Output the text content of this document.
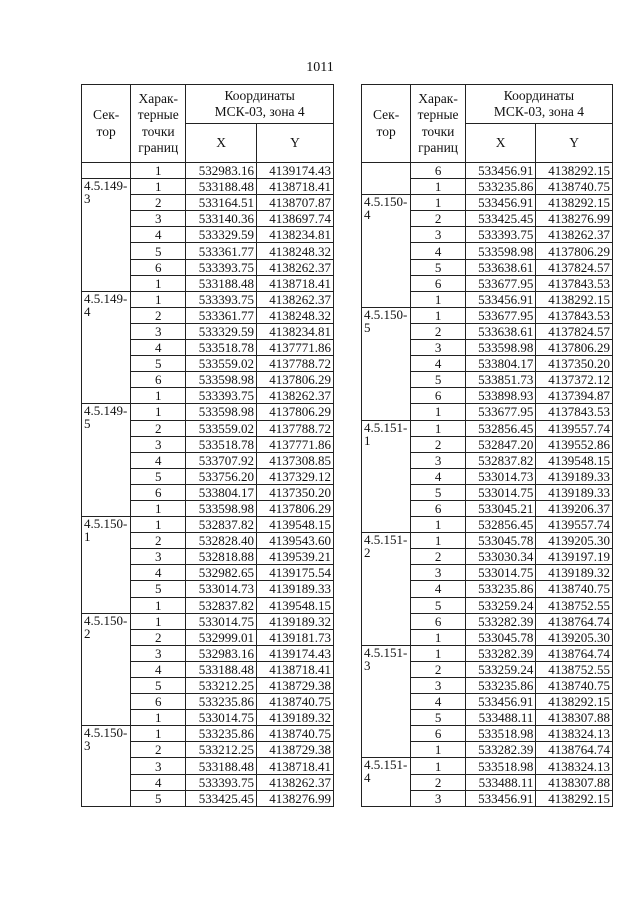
1011
Сек-
тор	Харак-
терные
точки
границ	Координаты
МСК-03, зона 4	
		X	Y
	1	532983.16	4139174.43
4.5.149-
3	1	533188.48	4138718.41
	2	533164.51	4138707.87
	3	533140.36	4138697.74
	4	533329.59	4138234.81
	5	533361.77	4138248.32
	6	533393.75	4138262.37
	1	533188.48	4138718.41
4.5.149-
4	1	533393.75	4138262.37
	2	533361.77	4138248.32
	3	533329.59	4138234.81
	4	533518.78	4137771.86
	5	533559.02	4137788.72
	6	533598.98	4137806.29
	1	533393.75	4138262.37
4.5.149-
5	1	533598.98	4137806.29
	2	533559.02	4137788.72
	3	533518.78	4137771.86
	4	533707.92	4137308.85
	5	533756.20	4137329.12
	6	533804.17	4137350.20
	1	533598.98	4137806.29
4.5.150-
1	1	532837.82	4139548.15
	2	532828.40	4139543.60
	3	532818.88	4139539.21
	4	532982.65	4139175.54
	5	533014.73	4139189.33
	1	532837.82	4139548.15
4.5.150-
2	1	533014.75	4139189.32
	2	532999.01	4139181.73
	3	532983.16	4139174.43
	4	533188.48	4138718.41
	5	533212.25	4138729.38
	6	533235.86	4138740.75
	1	533014.75	4139189.32
4.5.150-
3	1	533235.86	4138740.75
	2	533212.25	4138729.38
	3	533188.48	4138718.41
	4	533393.75	4138262.37
	5	533425.45	4138276.99
Сек-
тор	Харак-
терные
точки
границ	Координаты
МСК-03, зона 4	
		X	Y
	6	533456.91	4138292.15
	1	533235.86	4138740.75
4.5.150-
4	1	533456.91	4138292.15
	2	533425.45	4138276.99
	3	533393.75	4138262.37
	4	533598.98	4137806.29
	5	533638.61	4137824.57
	6	533677.95	4137843.53
	1	533456.91	4138292.15
4.5.150-
5	1	533677.95	4137843.53
	2	533638.61	4137824.57
	3	533598.98	4137806.29
	4	533804.17	4137350.20
	5	533851.73	4137372.12
	6	533898.93	4137394.87
	1	533677.95	4137843.53
4.5.151-
1	1	532856.45	4139557.74
	2	532847.20	4139552.86
	3	532837.82	4139548.15
	4	533014.73	4139189.33
	5	533014.75	4139189.33
	6	533045.21	4139206.37
	1	532856.45	4139557.74
4.5.151-
2	1	533045.78	4139205.30
	2	533030.34	4139197.19
	3	533014.75	4139189.32
	4	533235.86	4138740.75
	5	533259.24	4138752.55
	6	533282.39	4138764.74
	1	533045.78	4139205.30
4.5.151-
3	1	533282.39	4138764.74
	2	533259.24	4138752.55
	3	533235.86	4138740.75
	4	533456.91	4138292.15
	5	533488.11	4138307.88
	6	533518.98	4138324.13
	1	533282.39	4138764.74
4.5.151-
4	1	533518.98	4138324.13
	2	533488.11	4138307.88
	3	533456.91	4138292.15
